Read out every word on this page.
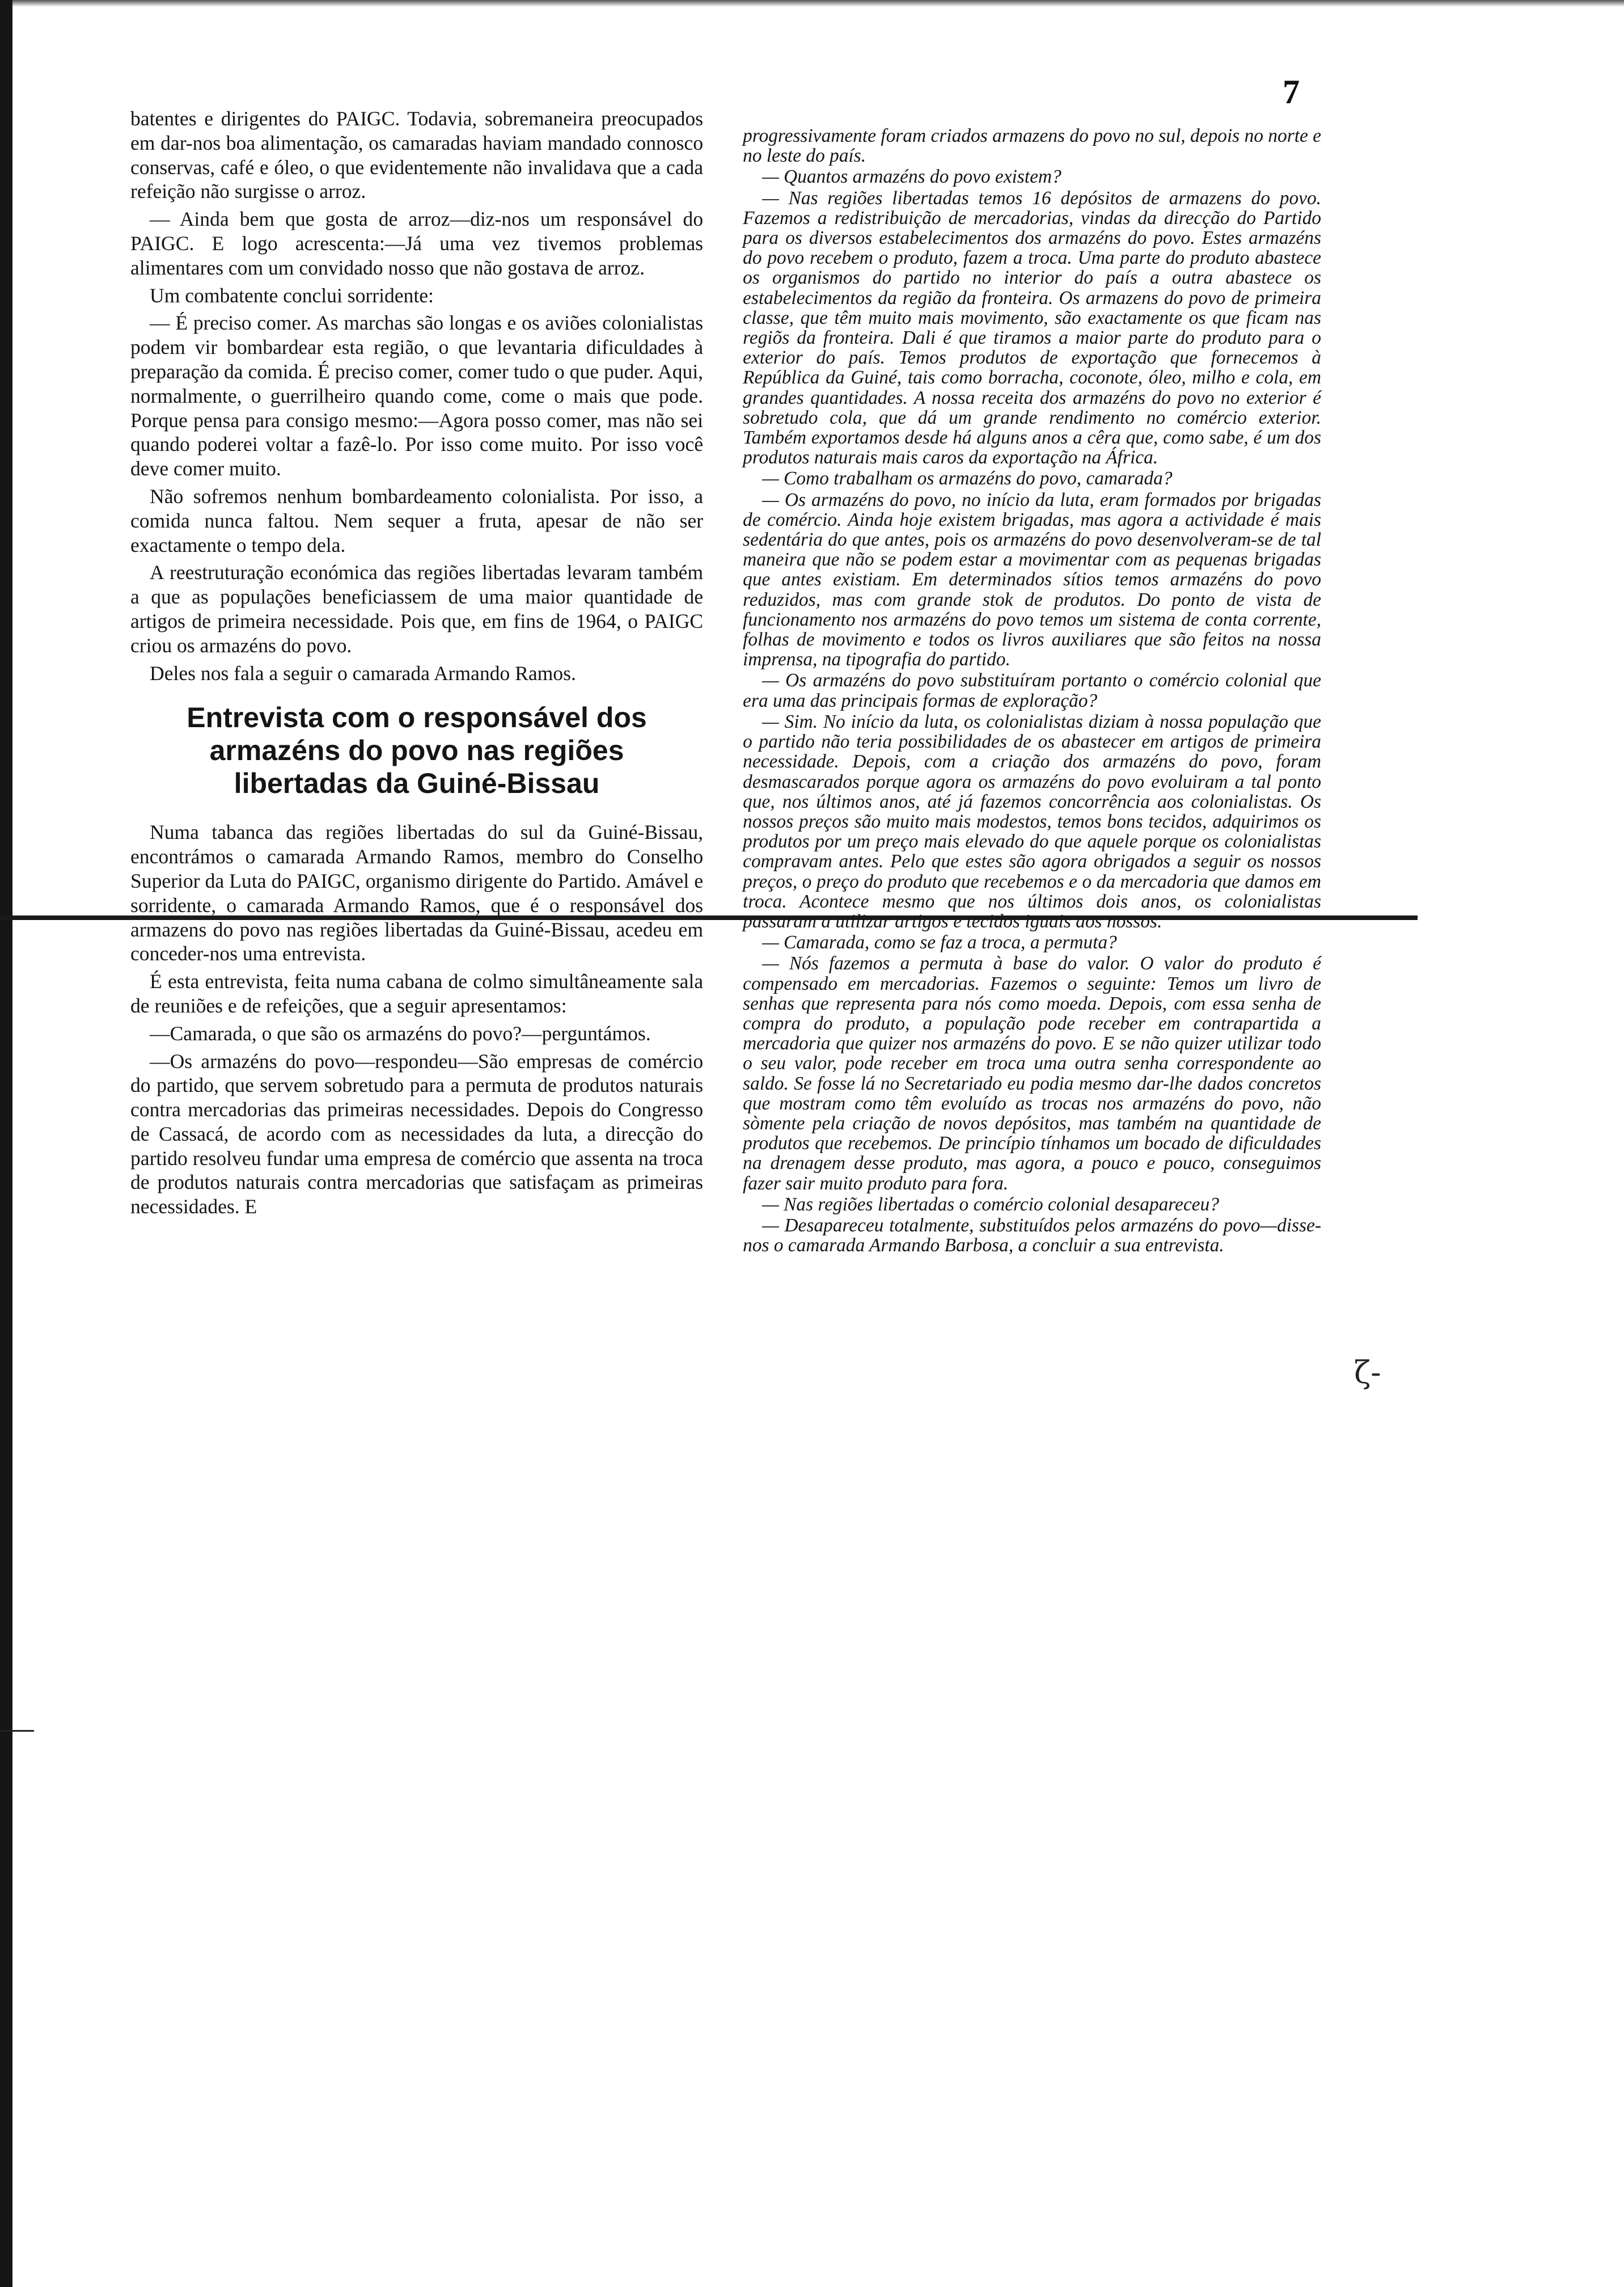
ζ-
7

batentes e dirigentes do PAIGC. Todavia, sobremaneira preocupados em dar-nos boa alimentação, os camaradas haviam mandado connosco conservas, café e óleo, o que evidentemente não invalidava que a cada refeição não surgisse o arroz.

— Ainda bem que gosta de arroz—diz-nos um responsável do PAIGC. E logo acrescenta:—Já uma vez tivemos problemas alimentares com um convidado nosso que não gostava de arroz.

Um combatente conclui sorridente:

— É preciso comer. As marchas são longas e os aviões colonialistas podem vir bombardear esta região, o que levantaria dificuldades à preparação da comida. É preciso comer, comer tudo o que puder. Aqui, normalmente, o guerrilheiro quando come, come o mais que pode. Porque pensa para consigo mesmo:—Agora posso comer, mas não sei quando poderei voltar a fazê-lo. Por isso come muito. Por isso você deve comer muito.

Não sofremos nenhum bombardeamento colonialista. Por isso, a comida nunca faltou. Nem sequer a fruta, apesar de não ser exactamente o tempo dela.

A reestruturação económica das regiões libertadas levaram também a que as populações beneficiassem de uma maior quantidade de artigos de primeira necessidade. Pois que, em fins de 1964, o PAIGC criou os armazéns do povo.

Deles nos fala a seguir o camarada Armando Ramos.

Entrevista com o responsável dos
armazéns do povo nas regiões
libertadas da Guiné-Bissau

Numa tabanca das regiões libertadas do sul da Guiné-Bissau, encontrámos o camarada Armando Ramos, membro do Conselho Superior da Luta do PAIGC, organismo dirigente do Partido. Amável e sorridente, o camarada Armando Ramos, que é o responsável dos armazens do povo nas regiões libertadas da Guiné-Bissau, acedeu em conceder-nos uma entrevista.

É esta entrevista, feita numa cabana de colmo simultâneamente sala de reuniões e de refeições, que a seguir apresentamos:

—Camarada, o que são os armazéns do povo?—perguntámos.

—Os armazéns do povo—respondeu—São empresas de comércio do partido, que servem sobretudo para a permuta de produtos naturais contra mercadorias das primeiras necessidades. Depois do Congresso de Cassacá, de acordo com as necessidades da luta, a direcção do partido resolveu fundar uma empresa de comércio que assenta na troca de produtos naturais contra mercadorias que satisfaçam as primeiras necessidades. E

progressivamente foram criados armazens do povo no sul, depois no norte e no leste do país.

— Quantos armazéns do povo existem?

— Nas regiões libertadas temos 16 depósitos de armazens do povo. Fazemos a redistribuição de mercadorias, vindas da direcção do Partido para os diversos estabelecimentos dos armazéns do povo. Estes armazéns do povo recebem o produto, fazem a troca. Uma parte do produto abastece os organismos do partido no interior do país a outra abastece os estabelecimentos da região da fronteira. Os armazens do povo de primeira classe, que têm muito mais movimento, são exactamente os que ficam nas regiõs da fronteira. Dali é que tiramos a maior parte do produto para o exterior do país. Temos produtos de exportação que fornecemos à República da Guiné, tais como borracha, coconote, óleo, milho e cola, em grandes quantidades. A nossa receita dos armazéns do povo no exterior é sobretudo cola, que dá um grande rendimento no comércio exterior. Também exportamos desde há alguns anos a cêra que, como sabe, é um dos produtos naturais mais caros da exportação na África.

— Como trabalham os armazéns do povo, camarada?

— Os armazéns do povo, no início da luta, eram formados por brigadas de comércio. Ainda hoje existem brigadas, mas agora a actividade é mais sedentária do que antes, pois os armazéns do povo desenvolveram-se de tal maneira que não se podem estar a movimentar com as pequenas brigadas que antes existiam. Em determinados sítios temos armazéns do povo reduzidos, mas com grande stok de produtos. Do ponto de vista de funcionamento nos armazéns do povo temos um sistema de conta corrente, folhas de movimento e todos os livros auxiliares que são feitos na nossa imprensa, na tipografia do partido.

— Os armazéns do povo substituíram portanto o comércio colonial que era uma das principais formas de exploração?

— Sim. No início da luta, os colonialistas diziam à nossa população que o partido não teria possibilidades de os abastecer em artigos de primeira necessidade. Depois, com a criação dos armazéns do povo, foram desmascarados porque agora os armazéns do povo evoluiram a tal ponto que, nos últimos anos, até já fazemos concorrência aos colonialistas. Os nossos preços são muito mais modestos, temos bons tecidos, adquirimos os produtos por um preço mais elevado do que aquele porque os colonialistas compravam antes. Pelo que estes são agora obrigados a seguir os nossos preços, o preço do produto que recebemos e o da mercadoria que damos em troca. Acontece mesmo que nos últimos dois anos, os colonialistas passaram a utilizar artigos e tecidos iguais aos nossos.

— Camarada, como se faz a troca, a permuta?

— Nós fazemos a permuta à base do valor. O valor do produto é compensado em mercadorias. Fazemos o seguinte: Temos um livro de senhas que representa para nós como moeda. Depois, com essa senha de compra do produto, a população pode receber em contrapartida a mercadoria que quizer nos armazéns do povo. E se não quizer utilizar todo o seu valor, pode receber em troca uma outra senha correspondente ao saldo. Se fosse lá no Secretariado eu podia mesmo dar-lhe dados concretos que mostram como têm evoluído as trocas nos armazéns do povo, não sòmente pela criação de novos depósitos, mas também na quantidade de produtos que recebemos. De princípio tínhamos um bocado de dificuldades na drenagem desse produto, mas agora, a pouco e pouco, conseguimos fazer sair muito produto para fora.

— Nas regiões libertadas o comércio colonial desapareceu?

— Desapareceu totalmente, substituídos pelos armazéns do povo—disse-nos o camarada Armando Barbosa, a concluir a sua entrevista.
